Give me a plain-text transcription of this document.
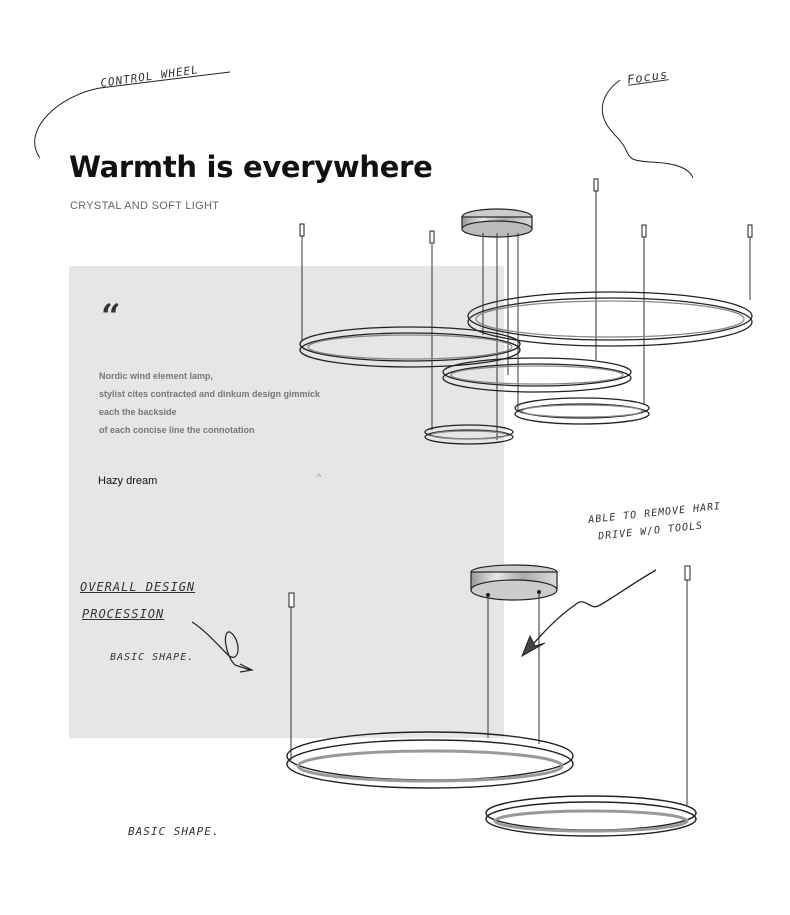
Warmth is everywhere
CRYSTAL AND SOFT LIGHT
CONTROL WHEEL	Focus
“
Nordic wind element lamp,
stylist cites contracted and dinkum design gimmick
each the backside
of each concise line the connotation
Hazy dream	^
ABLE TO REMOVE HARI
DRIVE W/O TOOLS
OVERALL DESIGN
PROCESSION
BASIC SHAPE.
BASIC SHAPE.
